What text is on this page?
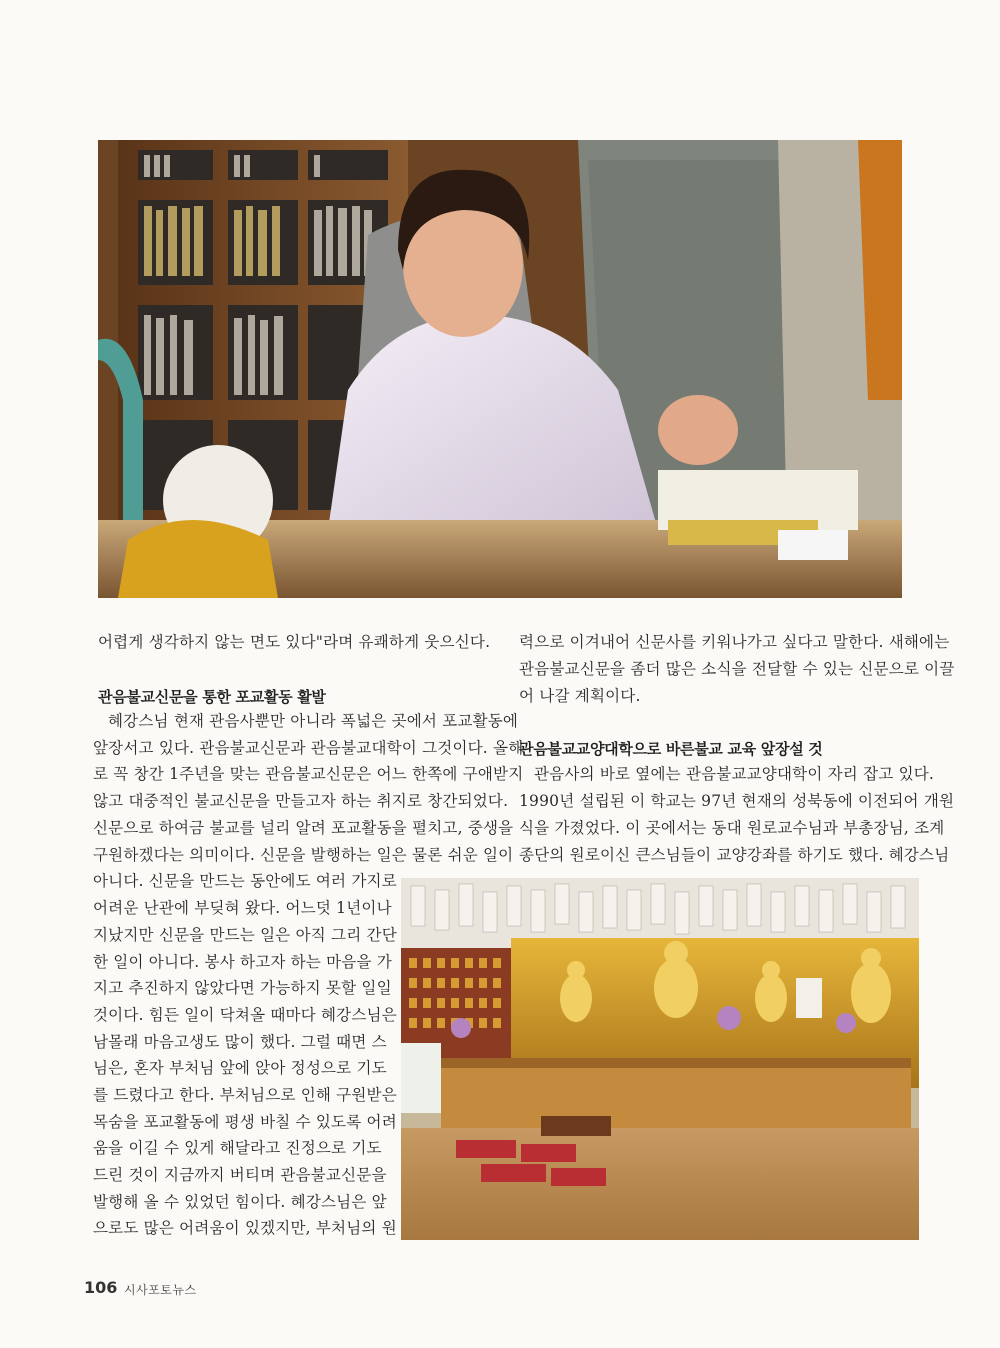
어렵게 생각하지 않는 면도 있다"라며 유쾌하게 웃으신다.
관음불교신문을 통한 포교활동 활발
혜강스님 현재 관음사뿐만 아니라 폭넓은 곳에서 포교활동에
앞장서고 있다. 관음불교신문과 관음불교대학이 그것이다. 올해
로 꼭 창간 1주년을 맞는 관음불교신문은 어느 한쪽에 구애받지
않고 대중적인 불교신문을 만들고자 하는 취지로 창간되었다.
신문으로 하여금 불교를 널리 알려 포교활동을 펼치고, 중생을
구원하겠다는 의미이다. 신문을 발행하는 일은 물론 쉬운 일이
아니다. 신문을 만드는 동안에도 여러 가지로
어려운 난관에 부딪혀 왔다. 어느덧 1년이나
지났지만 신문을 만드는 일은 아직 그리 간단
한 일이 아니다. 봉사 하고자 하는 마음을 가
지고 추진하지 않았다면 가능하지 못할 일일
것이다. 힘든 일이 닥쳐올 때마다 혜강스님은
남몰래 마음고생도 많이 했다. 그럴 때면 스
님은, 혼자 부처님 앞에 앉아 정성으로 기도
를 드렸다고 한다. 부처님으로 인해 구원받은
목숨을 포교활동에 평생 바칠 수 있도록 어려
움을 이길 수 있게 해달라고 진정으로 기도
드린 것이 지금까지 버티며 관음불교신문을
발행해 올 수 있었던 힘이다. 혜강스님은 앞
으로도 많은 어려움이 있겠지만, 부처님의 원
력으로 이겨내어 신문사를 키워나가고 싶다고 말한다. 새해에는
관음불교신문을 좀더 많은 소식을 전달할 수 있는 신문으로 이끌
어 나갈 계획이다.
관음불교교양대학으로 바른불교 교육 앞장설 것
관음사의 바로 옆에는 관음불교교양대학이 자리 잡고 있다.
1990년 설립된 이 학교는 97년 현재의 성북동에 이전되어 개원
식을 가졌었다. 이 곳에서는 동대 원로교수님과 부총장님, 조계
종단의 원로이신 큰스님들이 교양강좌를 하기도 했다. 혜강스님
106 시사포토뉴스
